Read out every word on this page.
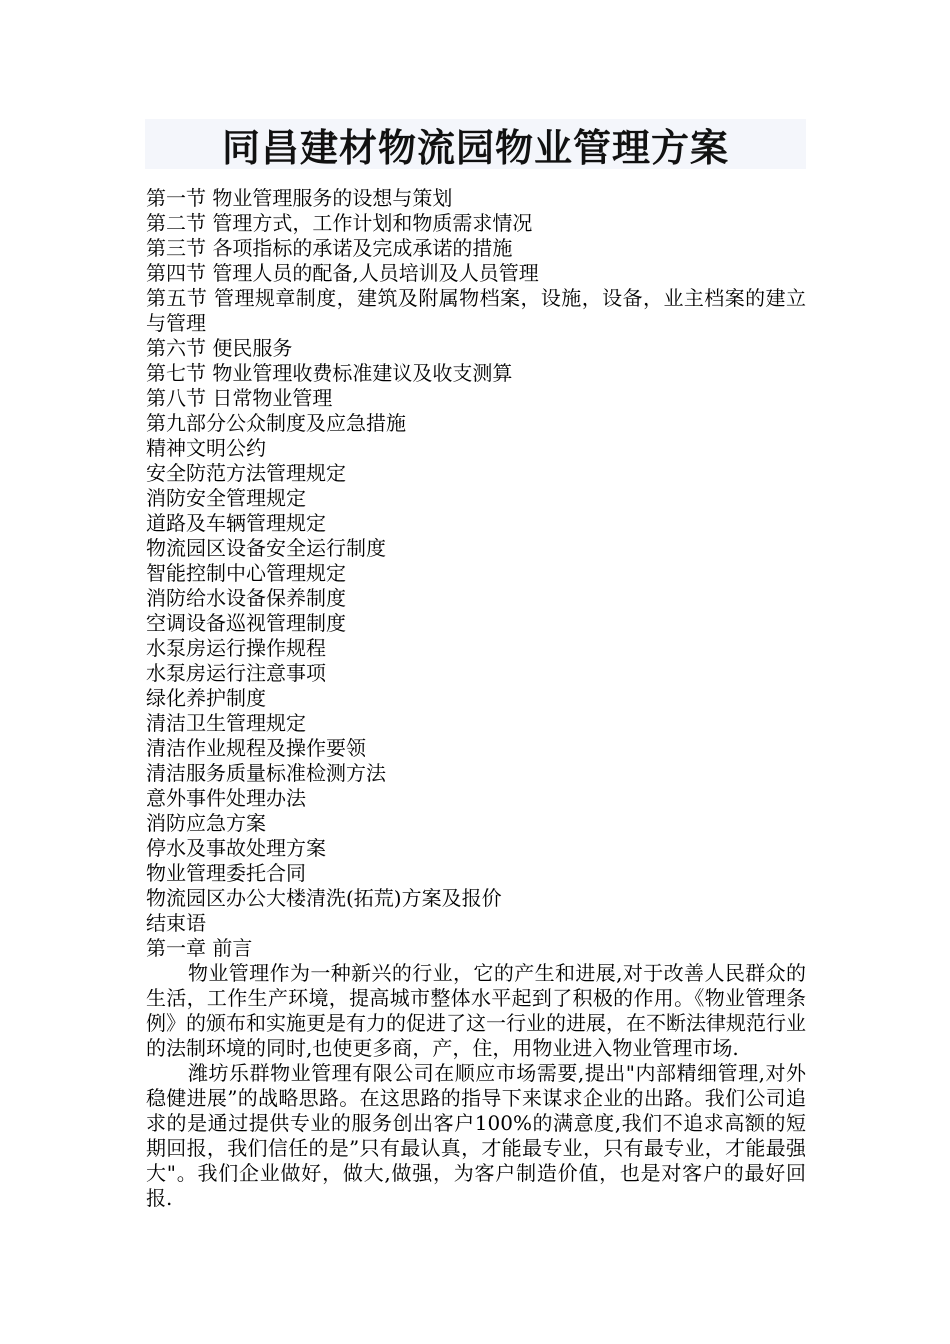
同昌建材物流园物业管理方案
第一节 物业管理服务的设想与策划
第二节 管理方式，工作计划和物质需求情况
第三节 各项指标的承诺及完成承诺的措施
第四节 管理人员的配备,人员培训及人员管理
第五节 管理规章制度，建筑及附属物档案，设施，设备，业主档案的建立与管理
第六节 便民服务
第七节 物业管理收费标准建议及收支测算
第八节 日常物业管理
第九部分公众制度及应急措施
精神文明公约
安全防范方法管理规定
消防安全管理规定
道路及车辆管理规定
物流园区设备安全运行制度
智能控制中心管理规定
消防给水设备保养制度
空调设备巡视管理制度
水泵房运行操作规程
水泵房运行注意事项
绿化养护制度
清洁卫生管理规定
清洁作业规程及操作要领
清洁服务质量标准检测方法
意外事件处理办法
消防应急方案
停水及事故处理方案
物业管理委托合同
物流园区办公大楼清洗(拓荒)方案及报价
结束语
第一章 前言
物业管理作为一种新兴的行业，它的产生和进展,对于改善人民群众的生活，工作生产环境，提高城市整体水平起到了积极的作用。《物业管理条例》的颁布和实施更是有力的促进了这一行业的进展，在不断法律规范行业的法制环境的同时,也使更多商，产，住，用物业进入物业管理市场.
潍坊乐群物业管理有限公司在顺应市场需要,提出"内部精细管理,对外稳健进展”的战略思路。在这思路的指导下来谋求企业的出路。我们公司追求的是通过提供专业的服务创出客户100%的满意度,我们不追求高额的短期回报，我们信任的是”只有最认真，才能最专业，只有最专业，才能最强大"。我们企业做好，做大,做强，为客户制造价值，也是对客户的最好回报.
